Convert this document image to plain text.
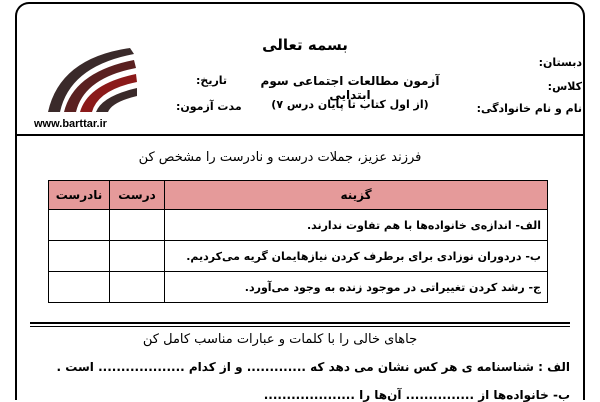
بسمه تعالی
دبستان:
کلاس:
نام و نام خانوادگی:
آزمون مطالعات اجتماعی سوم ابتدایی
(از اول کتاب تا پایان درس ۷)
تاریخ:
مدت آزمون:
www.barttar.ir
فرزند عزیز، جملات درست و نادرست را مشخص کن
گزینه	درست	نادرست
الف- اندازه‌ی خانواده‌ها با هم تفاوت ندارند.		
ب- درد‌وران نوزادی برای برطرف کردن نیازهایمان گریه می‌کردیم.		
ج- رشد کردن تغییراتی در موجود زنده به وجود می‌آورد.		
جاهای خالی را با کلمات و عبارات مناسب کامل کن
الف : شناسنامه ی هر کس نشان می دهد که ............. و از کدام ................... است .
ب- خانواده‌ها از ............... آن‌ها را ....................
